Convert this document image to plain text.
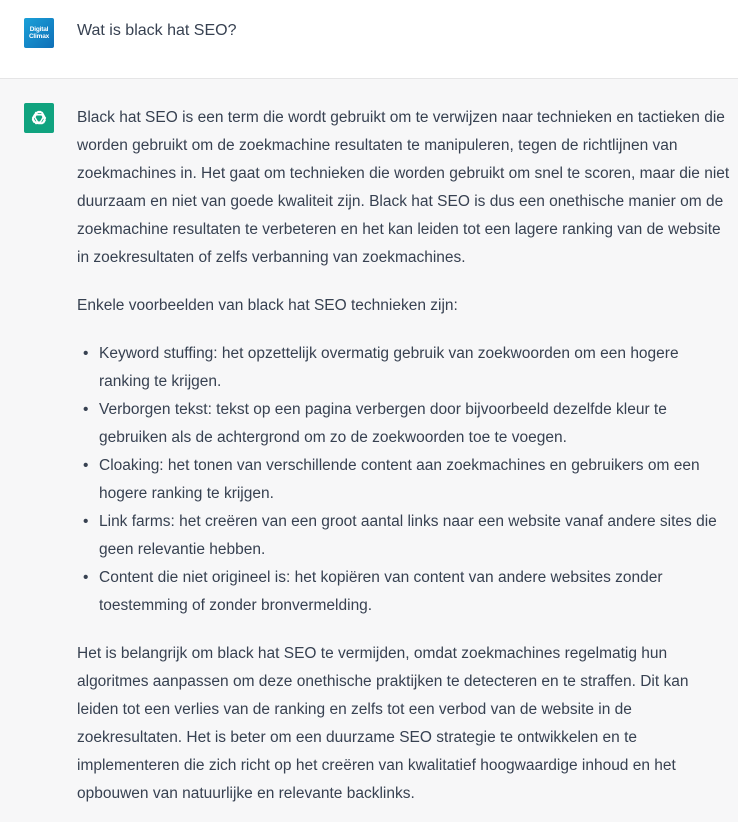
Digital
Climax Wat is black hat SEO?

Black hat SEO is een term die wordt gebruikt om te verwijzen naar technieken en tactieken die worden gebruikt om de zoekmachine resultaten te manipuleren, tegen de richtlijnen van zoekmachines in. Het gaat om technieken die worden gebruikt om snel te scoren, maar die niet duurzaam en niet van goede kwaliteit zijn. Black hat SEO is dus een onethische manier om de zoekmachine resultaten te verbeteren en het kan leiden tot een lagere ranking van de website in zoekresultaten of zelfs verbanning van zoekmachines.

Enkele voorbeelden van black hat SEO technieken zijn:

• Keyword stuffing: het opzettelijk overmatig gebruik van zoekwoorden om een hogere ranking te krijgen.
• Verborgen tekst: tekst op een pagina verbergen door bijvoorbeeld dezelfde kleur te gebruiken als de achtergrond om zo de zoekwoorden toe te voegen.
• Cloaking: het tonen van verschillende content aan zoekmachines en gebruikers om een hogere ranking te krijgen.
• Link farms: het creëren van een groot aantal links naar een website vanaf andere sites die geen relevantie hebben.
• Content die niet origineel is: het kopiëren van content van andere websites zonder toestemming of zonder bronvermelding.

Het is belangrijk om black hat SEO te vermijden, omdat zoekmachines regelmatig hun algoritmes aanpassen om deze onethische praktijken te detecteren en te straffen. Dit kan leiden tot een verlies van de ranking en zelfs tot een verbod van de website in de zoekresultaten. Het is beter om een duurzame SEO strategie te ontwikkelen en te implementeren die zich richt op het creëren van kwalitatief hoogwaardige inhoud en het opbouwen van natuurlijke en relevante backlinks.
